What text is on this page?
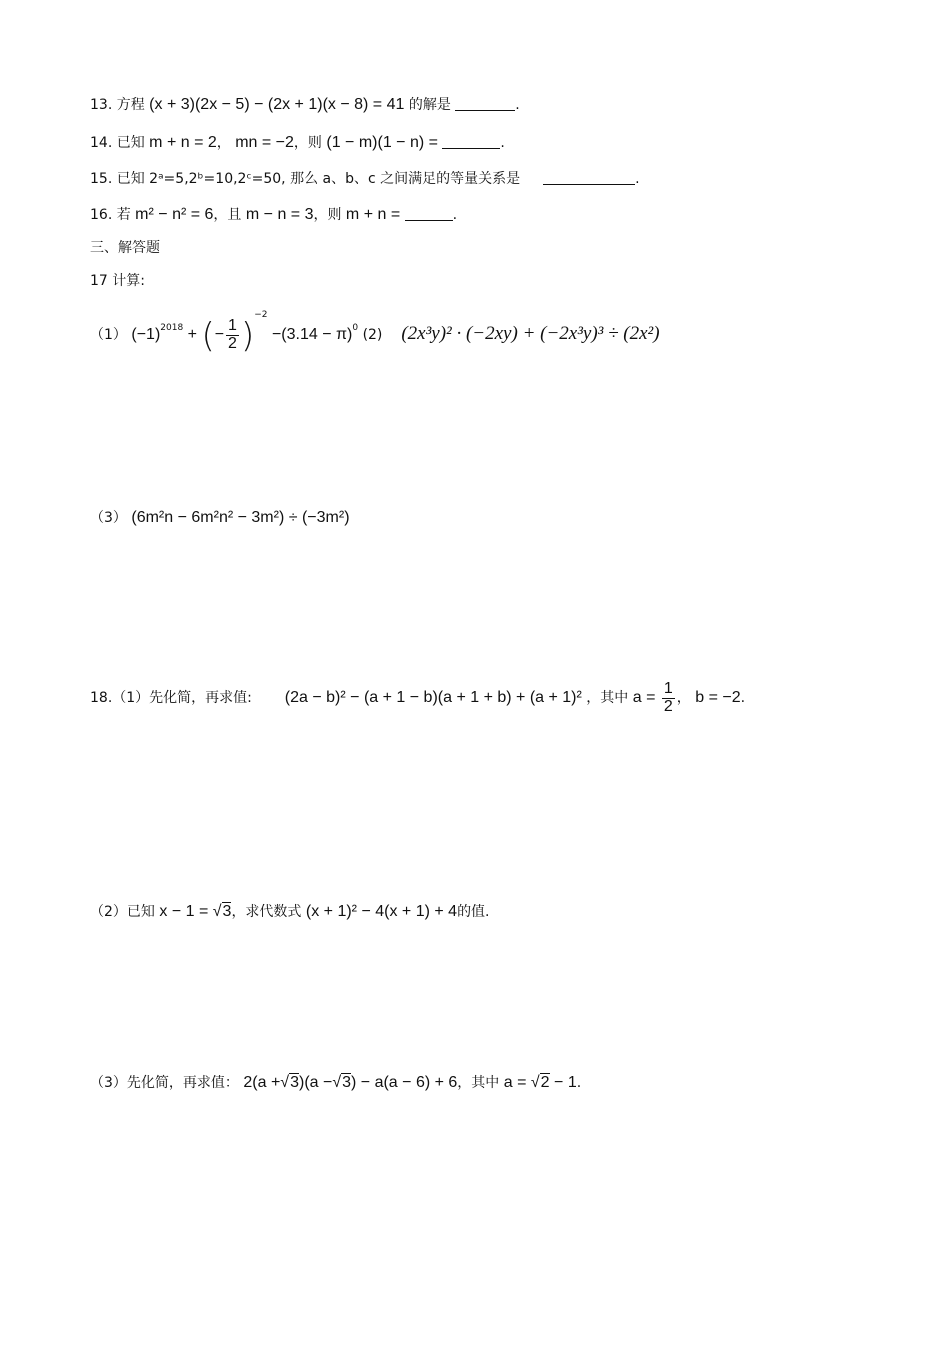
13. 方程 (x + 3)(2x − 5) − (2x + 1)(x − 8) = 41 的解是	.
14. 已知 m + n = 2， mn = −2，则 (1 − m)(1 − n) =	.
15. 已知 2ᵃ=5,2ᵇ=10,2ᶜ=50, 那么 a、b、c 之间满足的等量关系是	.
16. 若 m² − n² = 6，且 m − n = 3，则 m + n =	.
三、解答题
17 计算:
（1） $(-1)^{2018}$ + (− $\frac{1}{2} )^{-2} -(3.14 - \pi)^0$ (2) (2x³y)² · (−2xy) + (−2x³y)³ ÷ (2x²)
（3） (6m²n − 6m²n² − 3m²) ÷ (−3m²)
18.（1）先化简，再求值: (2a − b)² − (a + 1 − b)(a + 1 + b) + (a + 1)² ，其中 $a = \frac{1}{2}$ ， b = −2.
（2）已知 x − 1 = √3，求代数式 (x + 1)² − 4(x + 1) + 4的值.
（3）先化简，再求值： 2(a +√3)(a −√3) − a(a − 6) + 6，其中 a = √2 − 1.
